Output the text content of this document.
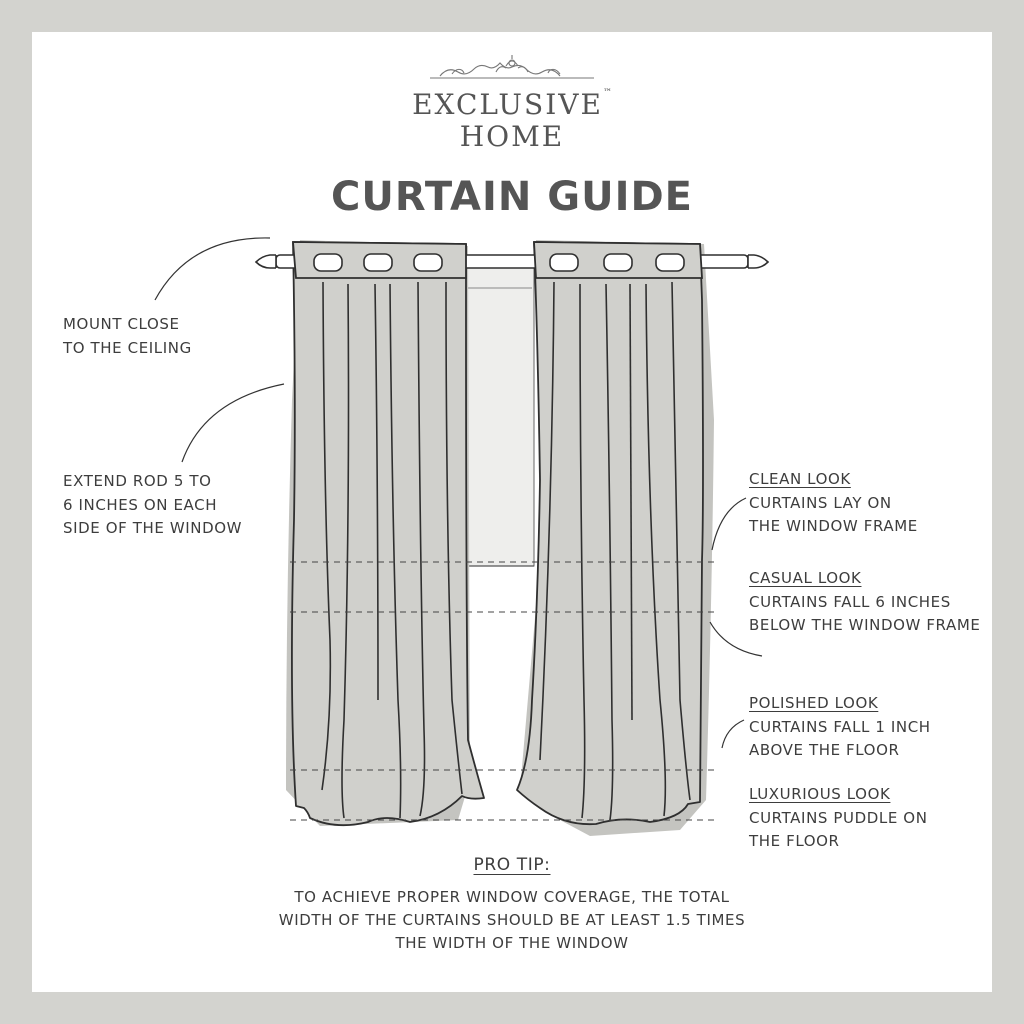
EXCLUSIVE™
HOME
CURTAIN GUIDE
MOUNT CLOSE
TO THE CEILING
EXTEND ROD 5 TO
6 INCHES ON EACH
SIDE OF THE WINDOW
CLEAN LOOK
CURTAINS LAY ON
THE WINDOW FRAME
CASUAL LOOK
CURTAINS FALL 6 INCHES
BELOW THE WINDOW FRAME
POLISHED LOOK
CURTAINS FALL 1 INCH
ABOVE THE FLOOR
LUXURIOUS LOOK
CURTAINS PUDDLE ON
THE FLOOR
PRO TIP:
TO ACHIEVE PROPER WINDOW COVERAGE, THE TOTAL
WIDTH OF THE CURTAINS SHOULD BE AT LEAST 1.5 TIMES
THE WIDTH OF THE WINDOW
